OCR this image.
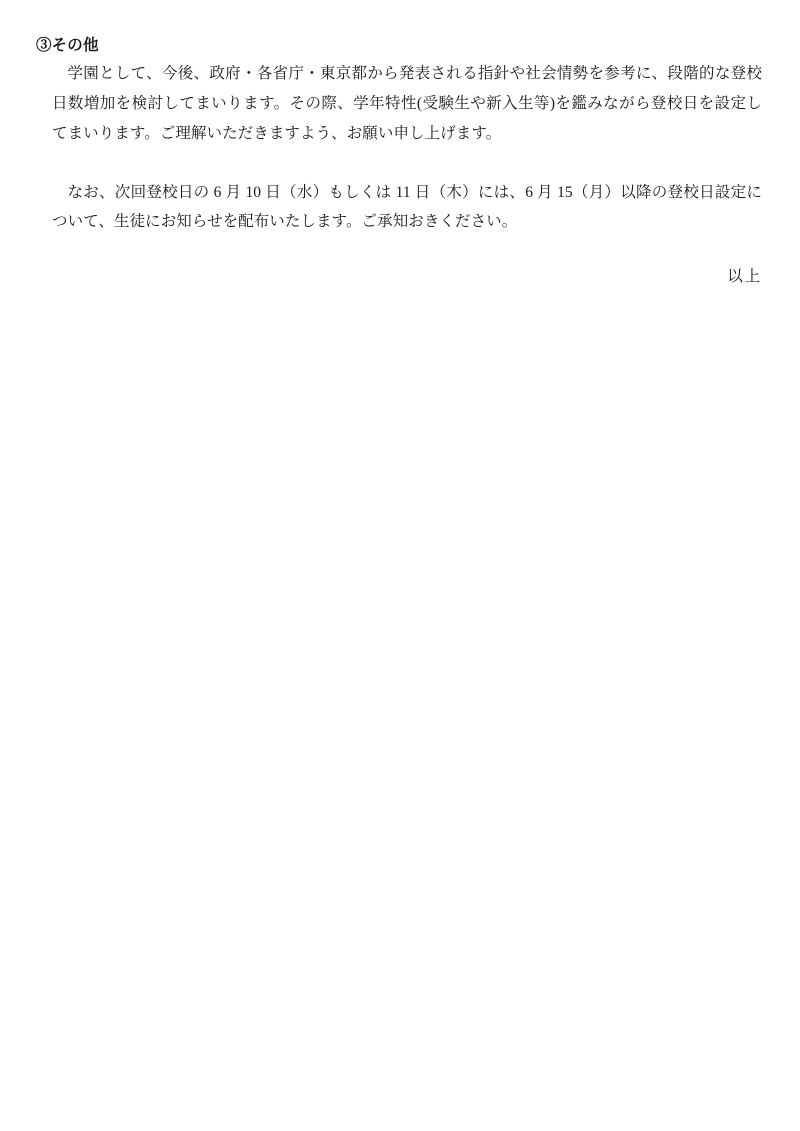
③その他

学園として、今後、政府・各省庁・東京都から発表される指針や社会情勢を参考に、段階的な登校日数増加を検討してまいります。その際、学年特性(受験生や新入生等)を鑑みながら登校日を設定してまいります。ご理解いただきますよう、お願い申し上げます。

なお、次回登校日の 6 月 10 日（水）もしくは 11 日（木）には、6 月 15（月）以降の登校日設定について、生徒にお知らせを配布いたします。ご承知おきください。

以上
